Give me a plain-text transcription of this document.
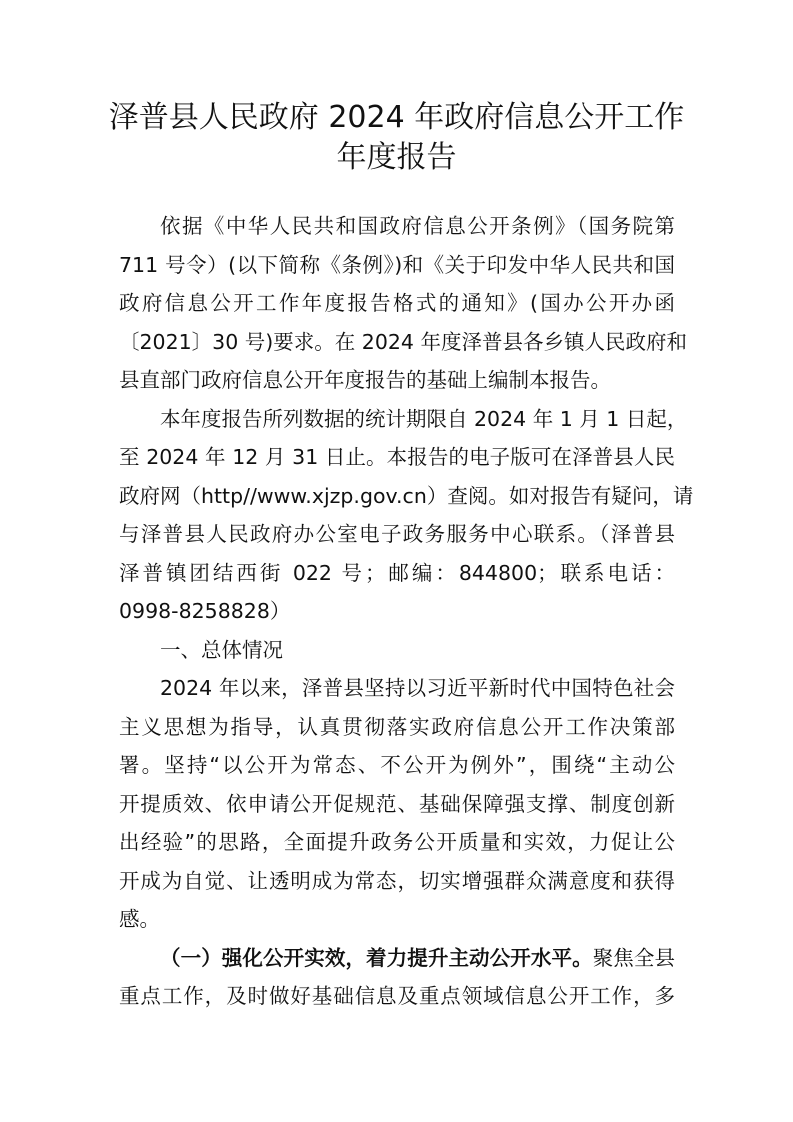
泽普县人民政府 2024 年政府信息公开工作
年度报告
依据《中华人民共和国政府信息公开条例》（国务院第
711 号令）(以下简称《条例》)和《关于印发中华人民共和国
政府信息公开工作年度报告格式的通知》(国办公开办函
〔2021〕30 号)要求。在 2024 年度泽普县各乡镇人民政府和
县直部门政府信息公开年度报告的基础上编制本报告。
本年度报告所列数据的统计期限自 2024 年 1 月 1 日起，
至 2024 年 12 月 31 日止。本报告的电子版可在泽普县人民
政府网（http//www.xjzp.gov.cn）查阅。如对报告有疑问，请
与泽普县人民政府办公室电子政务服务中心联系。（泽普县
泽普镇团结西街 022 号；邮编：844800；联系电话：
0998-8258828）
一、总体情况
2024 年以来，泽普县坚持以习近平新时代中国特色社会
主义思想为指导，认真贯彻落实政府信息公开工作决策部
署。坚持“以公开为常态、不公开为例外”，围绕“主动公
开提质效、依申请公开促规范、基础保障强支撑、制度创新
出经验”的思路，全面提升政务公开质量和实效，力促让公
开成为自觉、让透明成为常态，切实增强群众满意度和获得
感。
（一）强化公开实效，着力提升主动公开水平。聚焦全县
重点工作，及时做好基础信息及重点领域信息公开工作，多
